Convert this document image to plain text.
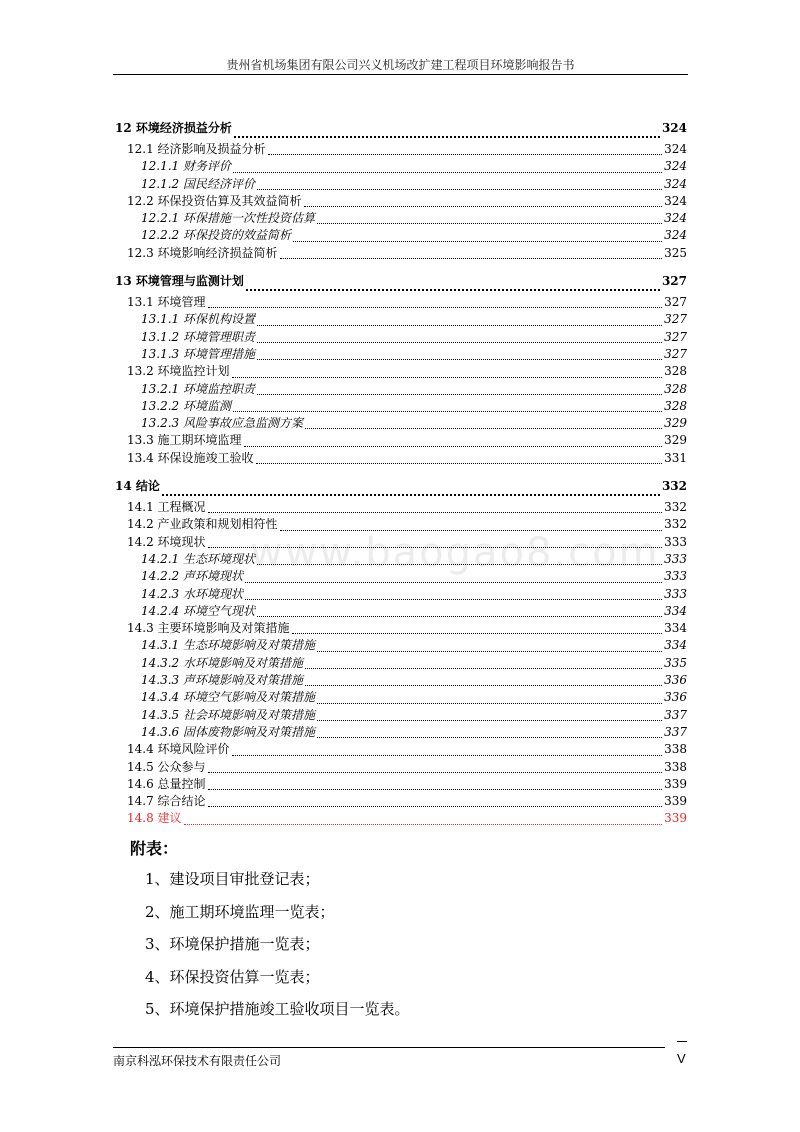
贵州省机场集团有限公司兴义机场改扩建工程项目环境影响报告书
www.baogao8.com
12 环境经济损益分析	324
12.1 经济影响及损益分析	324
12.1.1 财务评价	324
12.1.2 国民经济评价	324
12.2 环保投资估算及其效益简析	324
12.2.1 环保措施一次性投资估算	324
12.2.2 环保投资的效益简析	324
12.3 环境影响经济损益简析	325
13 环境管理与监测计划	327
13.1 环境管理	327
13.1.1 环保机构设置	327
13.1.2 环境管理职责	327
13.1.3 环境管理措施	327
13.2 环境监控计划	328
13.2.1 环境监控职责	328
13.2.2 环境监测	328
13.2.3 风险事故应急监测方案	329
13.3 施工期环境监理	329
13.4 环保设施竣工验收	331
14 结论	332
14.1 工程概况	332
14.2 产业政策和规划相符性	332
14.2 环境现状	333
14.2.1 生态环境现状	333
14.2.2 声环境现状	333
14.2.3 水环境现状	333
14.2.4 环境空气现状	334
14.3 主要环境影响及对策措施	334
14.3.1 生态环境影响及对策措施	334
14.3.2 水环境影响及对策措施	335
14.3.3 声环境影响及对策措施	336
14.3.4 环境空气影响及对策措施	336
14.3.5 社会环境影响及对策措施	337
14.3.6 固体废物影响及对策措施	337
14.4 环境风险评价	338
14.5 公众参与	338
14.6 总量控制	339
14.7 综合结论	339
14.8 建议	339
附表：
1、建设项目审批登记表；
2、施工期环境监理一览表；
3、环境保护措施一览表；
4、环保投资估算一览表；
5、环境保护措施竣工验收项目一览表。
南京科泓环保技术有限责任公司	V
